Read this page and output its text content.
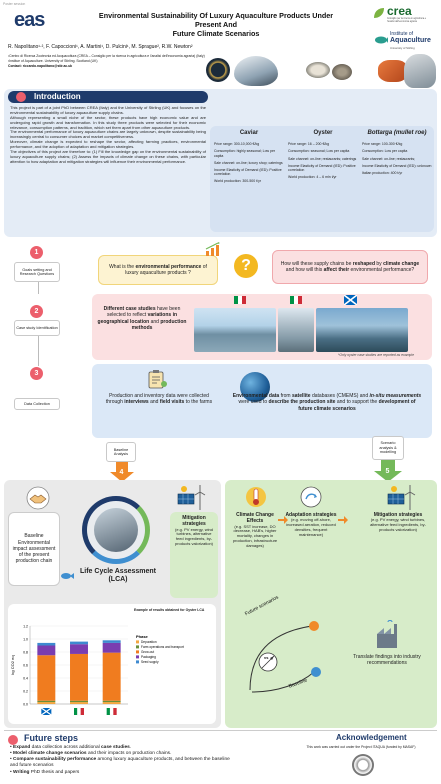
Poster session
eas	Environmental Sustainability Of Luxury Aquaculture Products Under Present And
Future Climate Scenarios
R. Napolitano¹·², F. Capoccioni¹, A. Martini¹, D. Pulcini¹, M. Sprague², R.W. Newton²
¹Centro di Ricerca Zootecnia ed Acquacoltura (CREA – Consiglio per la ricerca in agricoltura e l'analisi dell'economia agraria) (Italy)
²Institue of Aquaculture. University of Stirling. Scotland (UK)
Contact: riccardo.napolitano@stir.ac.uk
crea
Consiglio per la ricerca in agricoltura e l'analisi dell'economia agraria
Institute of
Aquaculture
University of Stirling
Introduction

This project is part of a joint PhD between CREA (Italy) and the University of Stirling (UK) and focuses on the environmental sustainability of luxury aquaculture supply chains.

Although representing a small niche of the sector, these products have high economic value and are undergoing rapid growth and transformation. In this study three products were selected for their economic relevance, consumption patterns, and tradition, which set them apart from other aquaculture products.

The environmental performance of luxury aquaculture chains are largely unknown, despite sustainability being increasingly central to consumer choices and market competitiveness.

Moreover, climate change is expected to reshape the sector, affecting farming practices, environmental performance, and the adoption of adaptation and mitigation strategies.

The objectives of this project are therefore to: (1) Fill the knowledge gap on the environmental sustainability of luxury aquaculture supply chains; (2) Assess the impacts of climate change on these chains, with particular attention to how adaptation and mitigation strategies will influence their environmental performance.

Caviar

Price range: 300-10,000 €/kg

Consumption: highly seasonal; Low per capita

Sale channel: on-line; luxury shop; caterings

Income Elasticity of Demand (IED): Positive correlation

World production: 300-500 t/yr

Oyster

Price range: 16 – 200 €/kg

Consumption: seasonal; Low per capita

Sale channel: on-line; restaurants; caterings

Income Elasticity of Demand (IED): Positive correlation

World production: 4 – 6 mln t/yr

Bottarga (mullet roe)

Price range: 100-300 €/kg

Consumption: Low per capita

Sale channel: on-line; restaurants;

Income Elasticity of Demand (IED): unknown

Italian production: 400 t/yr

1
Goals setting and Research Questions
What is the environmental performance of luxury aquaculture products ?	?	How will these supply chains be reshaped by climate change and how will this affect their environmental performance?
2
Case study Identification
Different case studies have been selected to reflect variations in geographical location and production methods
*Only oyster case studies are reported as example
3
Data Collection
Production and inventory data were collected through interviews and field visits to the farms
Environmental data from satellite databases (CMEMS) and in-situ measurements were used to describe the production site and to support the development of future climate scenarios
Baseline Analysis
4
Scenario analysis & modelling
5
Baseline Environmental impact assessment of the present production chain
Life Cycle Assessment (LCA)
Mitigation strategies
(e.g. PV energy, wind turbines, alternative feed ingredients, by-products valorization)
Example of results obtained for Oyster LCA
kg CO2 eq
1.2
1.0
0.8
0.6
0.4
0.2
0.0
Phase
Depuration
Farm operations and transport
Grow-out
Packaging
Seed supply
Climate Change Effects
(e.g. SST increase, DO decrease, HAB's, higher mortality, changes in production, infrastructure damages)
Adaptation strategies
(e.g. moving off-shore, increased aeration, reduced densities, frequent maintenance)
Mitigation strategies
(e.g. PV energy, wind turbines, alternative feed ingredients, by-products valorization)
Future scenarios
vs
Baseline
Translate findings into industry recommendations
Future steps
• Expand data collection across additional case studies.
• Model climate change scenarios and their impacts on production chains.
• Compare sustainability performance among luxury aquaculture products, and between the baseline and future scenarios
• Writing PhD thesis and papers
Acknowledgement
This work was carried out under the Project ITAQUA (funded by MASAF)
